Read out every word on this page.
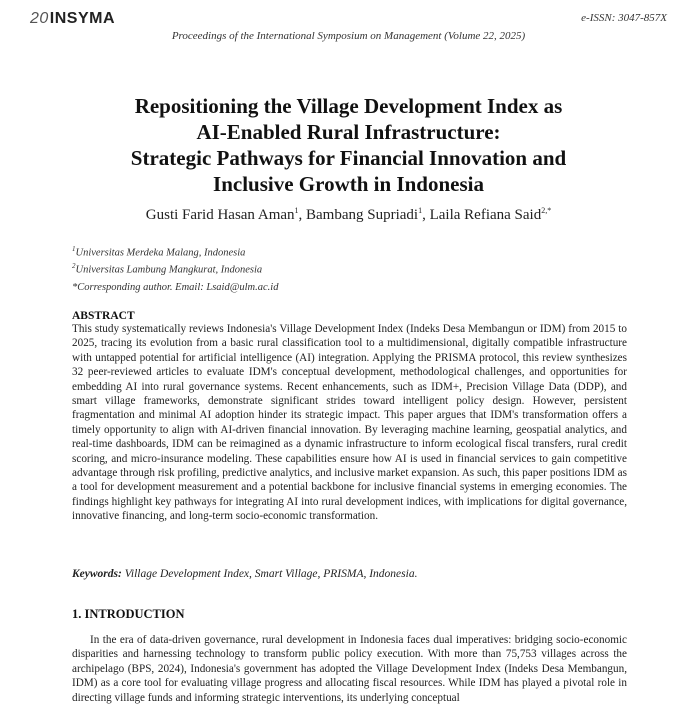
20INSYMA	e-ISSN: 3047-857X
Proceedings of the International Symposium on Management (Volume 22, 2025)
Repositioning the Village Development Index as
AI-Enabled Rural Infrastructure:
Strategic Pathways for Financial Innovation and
Inclusive Growth in Indonesia
Gusti Farid Hasan Aman$^1$, Bambang Supriadi$^1$, Laila Refiana Said$^{2,*}$
$^1$Universitas Merdeka Malang, Indonesia
$^2$Universitas Lambung Mangkurat, Indonesia
*Corresponding author. Email: Lsaid@ulm.ac.id
ABSTRACT

This study systematically reviews Indonesia's Village Development Index (Indeks Desa Membangun or IDM) from 2015 to 2025, tracing its evolution from a basic rural classification tool to a multidimensional, digitally compatible infrastructure with untapped potential for artificial intelligence (AI) integration. Applying the PRISMA protocol, this review synthesizes 32 peer-reviewed articles to evaluate IDM's conceptual development, methodological challenges, and opportunities for embedding AI into rural governance systems. Recent enhancements, such as IDM+, Precision Village Data (DDP), and smart village frameworks, demonstrate significant strides toward intelligent policy design. However, persistent fragmentation and minimal AI adoption hinder its strategic impact. This paper argues that IDM's transformation offers a timely opportunity to align with AI-driven financial innovation. By leveraging machine learning, geospatial analytics, and real-time dashboards, IDM can be reimagined as a dynamic infrastructure to inform ecological fiscal transfers, rural credit scoring, and micro-insurance modeling. These capabilities ensure how AI is used in financial services to gain competitive advantage through risk profiling, predictive analytics, and inclusive market expansion. As such, this paper positions IDM as a tool for development measurement and a potential backbone for inclusive financial systems in emerging economies. The findings highlight key pathways for integrating AI into rural development indices, with implications for digital governance, innovative financing, and long-term socio-economic transformation.

Keywords: Village Development Index, Smart Village, PRISMA, Indonesia.
1. INTRODUCTION

In the era of data-driven governance, rural development in Indonesia faces dual imperatives: bridging socio-economic disparities and harnessing technology to transform public policy execution. With more than 75,753 villages across the archipelago (BPS, 2024), Indonesia's government has adopted the Village Development Index (Indeks Desa Membangun, IDM) as a core tool for evaluating village progress and allocating fiscal resources. While IDM has played a pivotal role in directing village funds and informing strategic interventions, its underlying conceptual
